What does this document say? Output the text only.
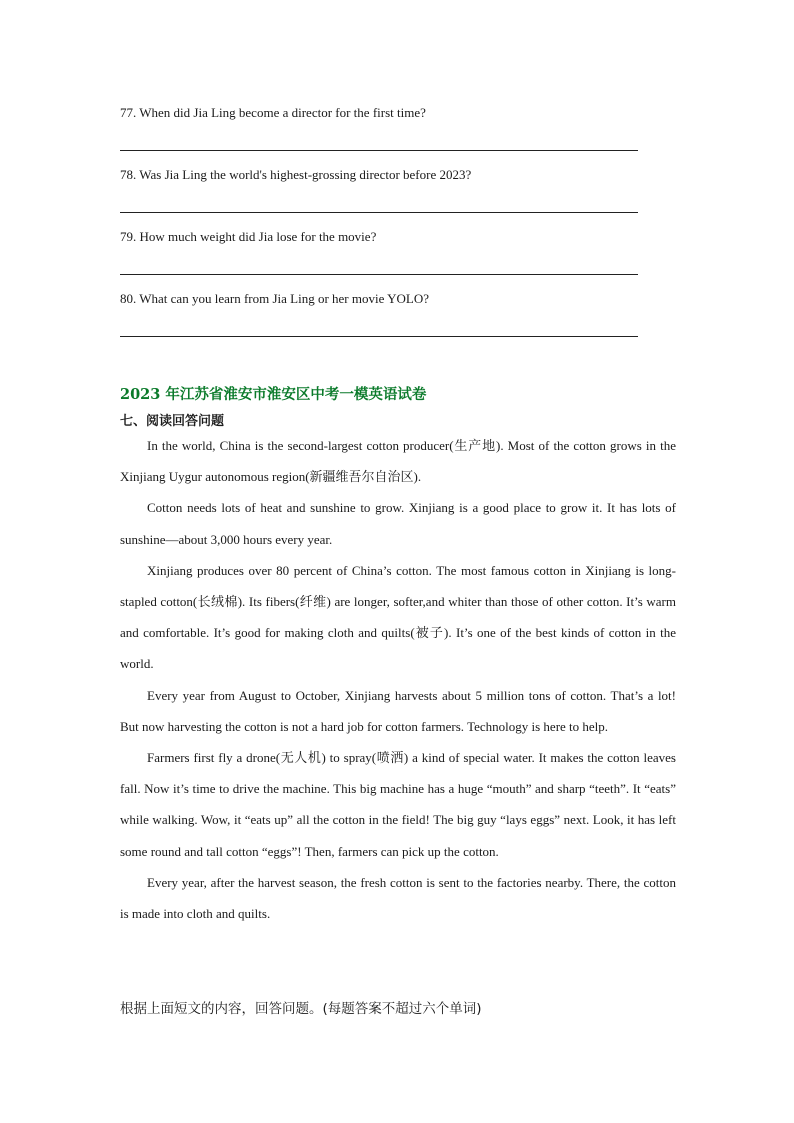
77. When did Jia Ling become a director for the first time?
78. Was Jia Ling the world's highest-grossing director before 2023?
79. How much weight did Jia lose for the movie?
80. What can you learn from Jia Ling or her movie YOLO?
2023 年江苏省淮安市淮安区中考一模英语试卷
七、阅读回答问题

In the world, China is the second-largest cotton producer(生产地). Most of the cotton grows in the Xinjiang Uygur autonomous region(新疆维吾尔自治区).

Cotton needs lots of heat and sunshine to grow. Xinjiang is a good place to grow it. It has lots of sunshine—about 3,000 hours every year.

Xinjiang produces over 80 percent of China’s cotton. The most famous cotton in Xinjiang is long-stapled cotton(长绒棉). Its fibers(纤维) are longer, softer,and whiter than those of other cotton. It’s warm and comfortable. It’s good for making cloth and quilts(被子). It’s one of the best kinds of cotton in the world.

Every year from August to October, Xinjiang harvests about 5 million tons of cotton. That’s a lot! But now harvesting the cotton is not a hard job for cotton farmers. Technology is here to help.

Farmers first fly a drone(无人机) to spray(喷洒) a kind of special water. It makes the cotton leaves fall. Now it’s time to drive the machine. This big machine has a huge “mouth” and sharp “teeth”. It “eats” while walking. Wow, it “eats up” all the cotton in the field! The big guy “lays eggs” next. Look, it has left some round and tall cotton “eggs”! Then, farmers can pick up the cotton.

Every year, after the harvest season, the fresh cotton is sent to the factories nearby. There, the cotton is made into cloth and quilts.

根据上面短文的内容，回答问题。(每题答案不超过六个单词)
